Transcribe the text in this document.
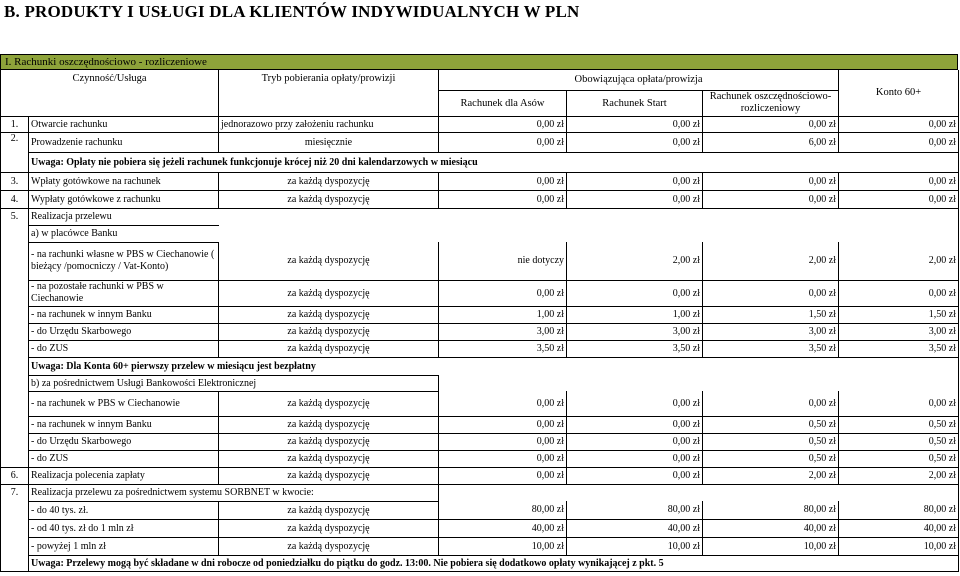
B. PRODUKTY I USŁUGI DLA KLIENTÓW INDYWIDUALNYCH W PLN
I. Rachunki oszczędnościowo - rozliczeniowe
Czynność/Usługa		Tryb pobierania opłaty/prowizji	Obowiązująca opłata/prowizja			Konto 60+
			Rachunek dla Asów	Rachunek Start	Rachunek oszczędnościowo-rozliczeniowy	
1.	Otwarcie rachunku	jednorazowo przy założeniu rachunku	0,00 zł	0,00 zł	0,00 zł	0,00 zł
2.	Prowadzenie rachunku	miesięcznie	0,00 zł	0,00 zł	6,00 zł	0,00 zł
	Uwaga: Opłaty nie pobiera się jeżeli rachunek funkcjonuje krócej niż 20 dni kalendarzowych w miesiącu					
3.	Wpłaty gotówkowe na rachunek	za każdą dyspozycję	0,00 zł	0,00 zł	0,00 zł	0,00 zł
4.	Wypłaty gotówkowe z rachunku	za każdą dyspozycję	0,00 zł	0,00 zł	0,00 zł	0,00 zł
5.	Realizacja przelewu					
	a) w placówce Banku					
	- na rachunki własne w PBS w Ciechanowie ( bieżący /pomocniczy / Vat-Konto)	za każdą dyspozycję	nie dotyczy	2,00 zł	2,00 zł	2,00 zł
	- na pozostałe rachunki w PBS w Ciechanowie	za każdą dyspozycję	0,00 zł	0,00 zł	0,00 zł	0,00 zł
	- na rachunek w innym Banku	za każdą dyspozycję	1,00 zł	1,00 zł	1,50 zł	1,50 zł
	- do Urzędu Skarbowego	za każdą dyspozycję	3,00 zł	3,00 zł	3,00 zł	3,00 zł
	- do ZUS	za każdą dyspozycję	3,50 zł	3,50 zł	3,50 zł	3,50 zł
	Uwaga: Dla Konta 60+ pierwszy przelew w miesiącu jest bezpłatny					
	b) za pośrednictwem Usługi Bankowości Elektronicznej					
	- na rachunek w PBS w Ciechanowie	za każdą dyspozycję	0,00 zł	0,00 zł	0,00 zł	0,00 zł
	- na rachunek w innym Banku	za każdą dyspozycję	0,00 zł	0,00 zł	0,50 zł	0,50 zł
	- do Urzędu Skarbowego	za każdą dyspozycję	0,00 zł	0,00 zł	0,50 zł	0,50 zł
	- do ZUS	za każdą dyspozycję	0,00 zł	0,00 zł	0,50 zł	0,50 zł
6.	Realizacja polecenia zapłaty	za każdą dyspozycję	0,00 zł	0,00 zł	2,00 zł	2,00 zł
7.	Realizacja przelewu za pośrednictwem systemu SORBNET w kwocie:					
	- do 40 tys. zł.	za każdą dyspozycję	80,00 zł	80,00 zł	80,00 zł	80,00 zł
	- od 40 tys. zł do 1 mln zł	za każdą dyspozycję	40,00 zł	40,00 zł	40,00 zł	40,00 zł
	- powyżej 1 mln zł	za każdą dyspozycję	10,00 zł	10,00 zł	10,00 zł	10,00 zł
	Uwaga: Przelewy mogą być składane w dni robocze od poniedziałku do piątku do godz. 13:00. Nie pobiera się dodatkowo opłaty wynikającej z pkt. 5					
